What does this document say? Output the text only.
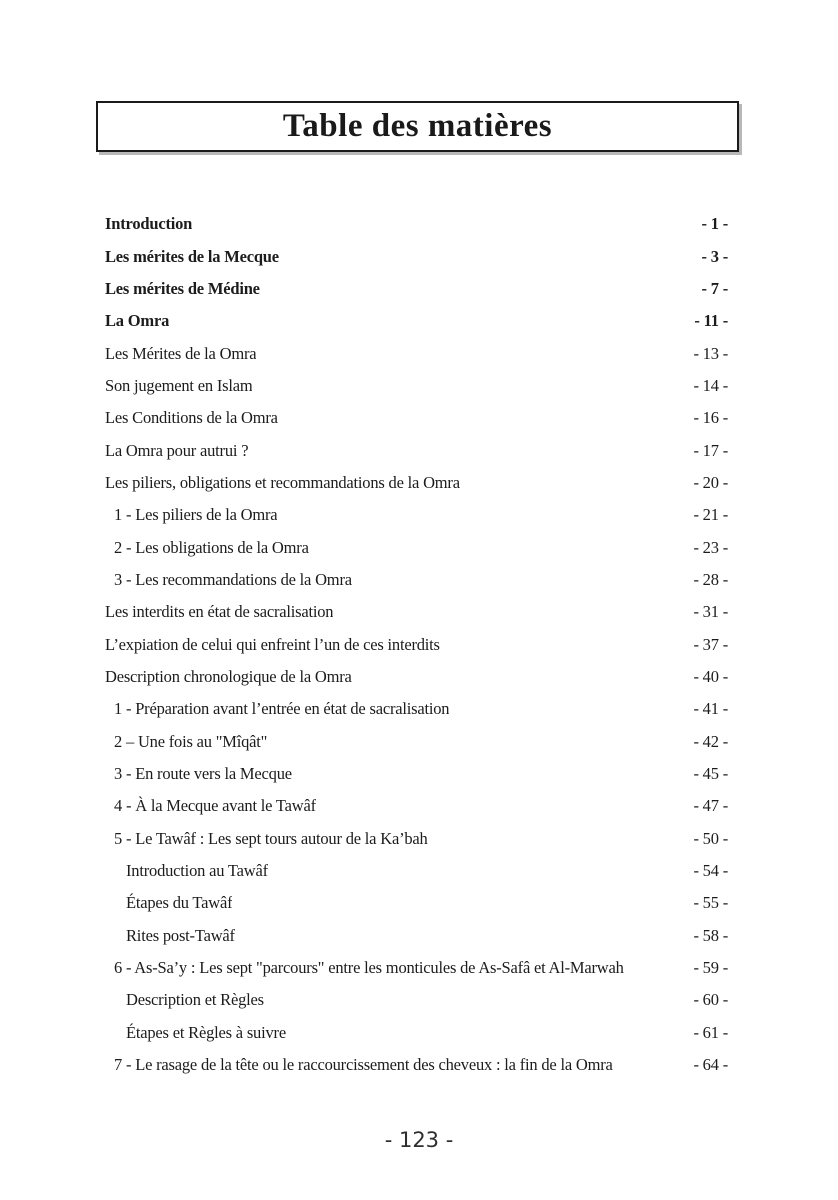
Table des matières
Introduction	- 1 -
Les mérites de la Mecque	- 3 -
Les mérites de Médine	- 7 -
La Omra	- 11 -
Les Mérites de la Omra	- 13 -
Son jugement en Islam	- 14 -
Les Conditions de la Omra	- 16 -
La Omra pour autrui ?	- 17 -
Les piliers, obligations et recommandations de la Omra	- 20 -
1 - Les piliers de la Omra	- 21 -
2 - Les obligations de la Omra	- 23 -
3 - Les recommandations de la Omra	- 28 -
Les interdits en état de sacralisation	- 31 -
L’expiation de celui qui enfreint l’un de ces interdits	- 37 -
Description chronologique de la Omra	- 40 -
1 - Préparation avant l’entrée en état de sacralisation	- 41 -
2 – Une fois au "Mîqât"	- 42 -
3 - En route vers la Mecque	- 45 -
4 - À la Mecque avant le Tawâf	- 47 -
5 - Le Tawâf : Les sept tours autour de la Ka’bah	- 50 -
Introduction au Tawâf	- 54 -
Étapes du Tawâf	- 55 -
Rites post-Tawâf	- 58 -
6 - As-Sa’y : Les sept "parcours" entre les monticules de As-Safâ et Al-Marwah	- 59 -
Description et Règles	- 60 -
Étapes et Règles à suivre	- 61 -
7 - Le rasage de la tête ou le raccourcissement des cheveux : la fin de la Omra	- 64 -
- 123 -
